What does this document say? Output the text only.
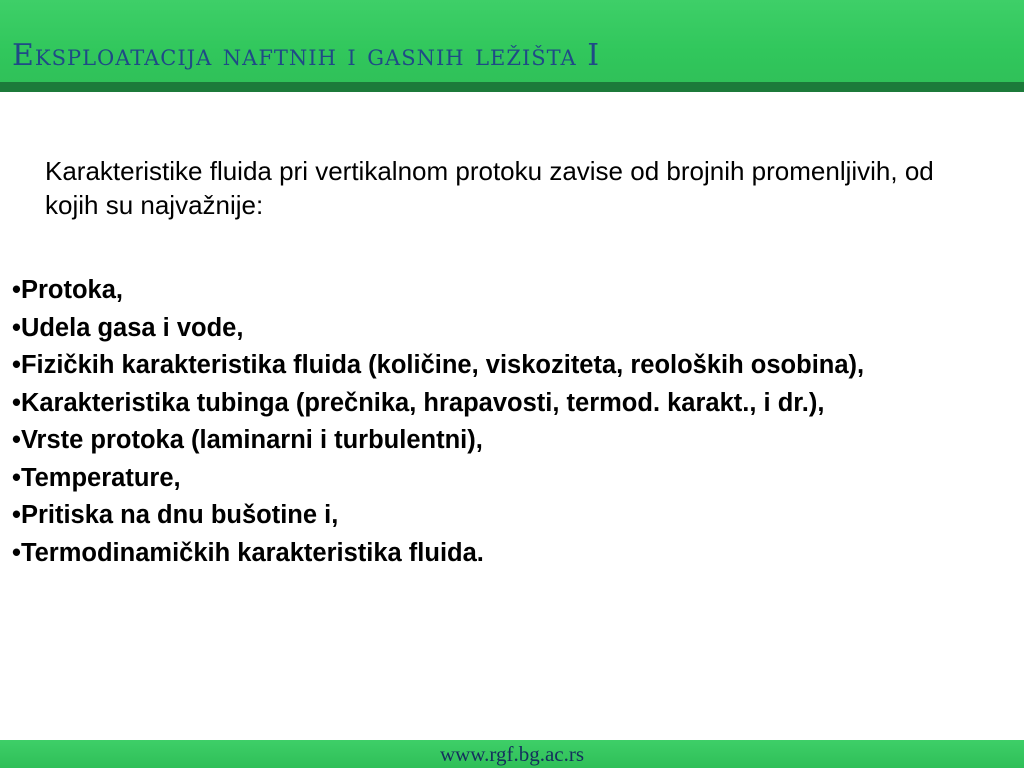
Eksploatacija naftnih i gasnih ležišta I
Karakteristike fluida pri vertikalnom protoku zavise od brojnih promenljivih, od kojih su najvažnije:
•Protoka,
•Udela gasa i vode,
•Fizičkih karakteristika fluida (količine, viskoziteta, reoloških osobina),
•Karakteristika tubinga (prečnika, hrapavosti, termod. karakt., i dr.),
•Vrste protoka (laminarni i turbulentni),
•Temperature,
•Pritiska na dnu bušotine i,
•Termodinamičkih karakteristika fluida.
www.rgf.bg.ac.rs
